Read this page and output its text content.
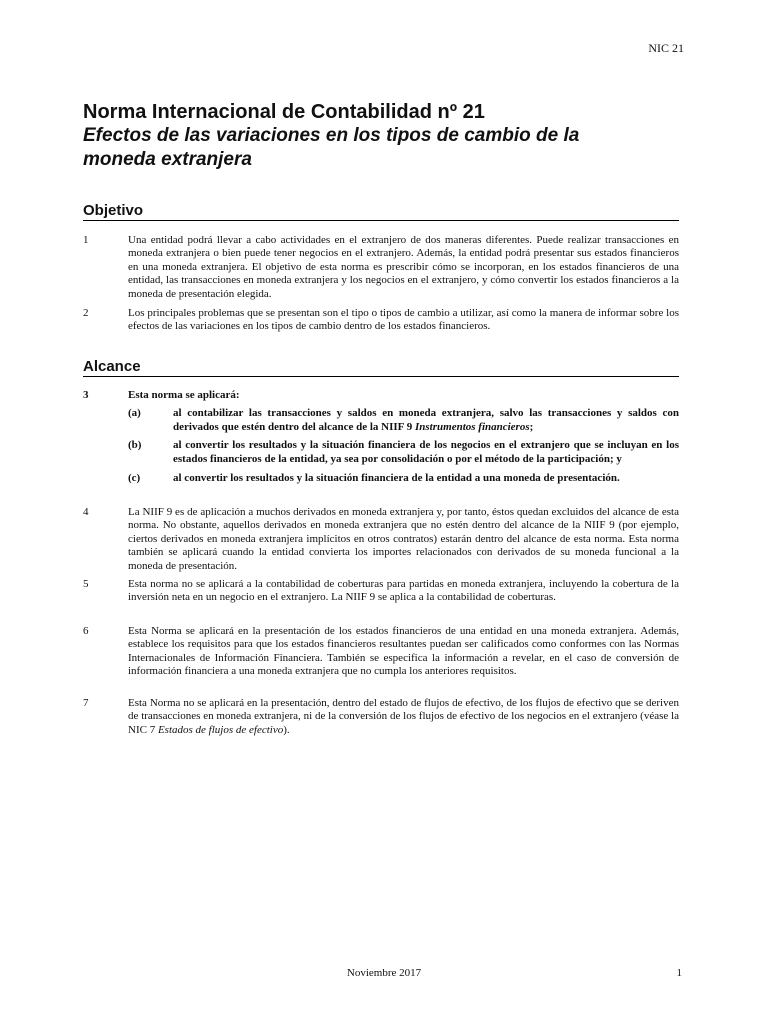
NIC 21

Norma Internacional de Contabilidad nº 21

Efectos de las variaciones en los tipos de cambio de la

moneda extranjera

Objetivo
1	Una entidad podrá llevar a cabo actividades en el extranjero de dos maneras diferentes. Puede realizar transacciones en moneda extranjera o bien puede tener negocios en el extranjero. Además, la entidad podrá presentar sus estados financieros en una moneda extranjera. El objetivo de esta norma es prescribir cómo se incorporan, en los estados financieros de una entidad, las transacciones en moneda extranjera y los negocios en el extranjero, y cómo convertir los estados financieros a la moneda de presentación elegida.
2	Los principales problemas que se presentan son el tipo o tipos de cambio a utilizar, así como la manera de informar sobre los efectos de las variaciones en los tipos de cambio dentro de los estados financieros.
Alcance
3	Esta norma se aplicará:
(a)	al contabilizar las transacciones y saldos en moneda extranjera, salvo las transacciones y saldos con derivados que estén dentro del alcance de la NIIF 9 Instrumentos financieros;
(b)	al convertir los resultados y la situación financiera de los negocios en el extranjero que se incluyan en los estados financieros de la entidad, ya sea por consolidación o por el método de la participación; y
(c)	al convertir los resultados y la situación financiera de la entidad a una moneda de presentación.
4	La NIIF 9 es de aplicación a muchos derivados en moneda extranjera y, por tanto, éstos quedan excluidos del alcance de esta norma. No obstante, aquellos derivados en moneda extranjera que no estén dentro del alcance de la NIIF 9 (por ejemplo, ciertos derivados en moneda extranjera implícitos en otros contratos) estarán dentro del alcance de esta norma. Esta norma también se aplicará cuando la entidad convierta los importes relacionados con derivados de su moneda funcional a la moneda de presentación.
5	Esta norma no se aplicará a la contabilidad de coberturas para partidas en moneda extranjera, incluyendo la cobertura de la inversión neta en un negocio en el extranjero. La NIIF 9 se aplica a la contabilidad de coberturas.
6	Esta Norma se aplicará en la presentación de los estados financieros de una entidad en una moneda extranjera. Además, establece los requisitos para que los estados financieros resultantes puedan ser calificados como conformes con las Normas Internacionales de Información Financiera. También se especifica la información a revelar, en el caso de conversión de información financiera a una moneda extranjera que no cumpla los anteriores requisitos.
7	Esta Norma no se aplicará en la presentación, dentro del estado de flujos de efectivo, de los flujos de efectivo que se deriven de transacciones en moneda extranjera, ni de la conversión de los flujos de efectivo de los negocios en el extranjero (véase la NIC 7 Estados de flujos de efectivo).
Noviembre 2017	1
